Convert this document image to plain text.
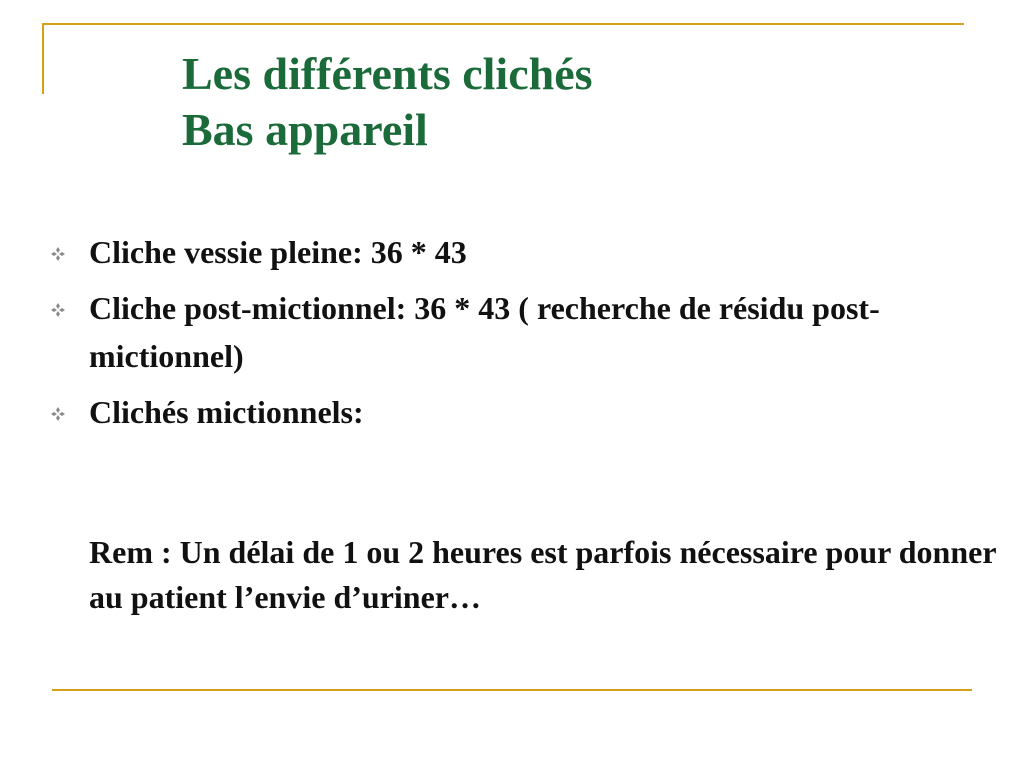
Les différents clichés
Bas appareil
Cliche vessie pleine: 36 * 43
Cliche post-mictionnel: 36 * 43 ( recherche de résidu post-mictionnel)
Clichés mictionnels:

Rem : Un délai de 1 ou 2 heures est parfois nécessaire pour donner au patient l’envie d’uriner…
